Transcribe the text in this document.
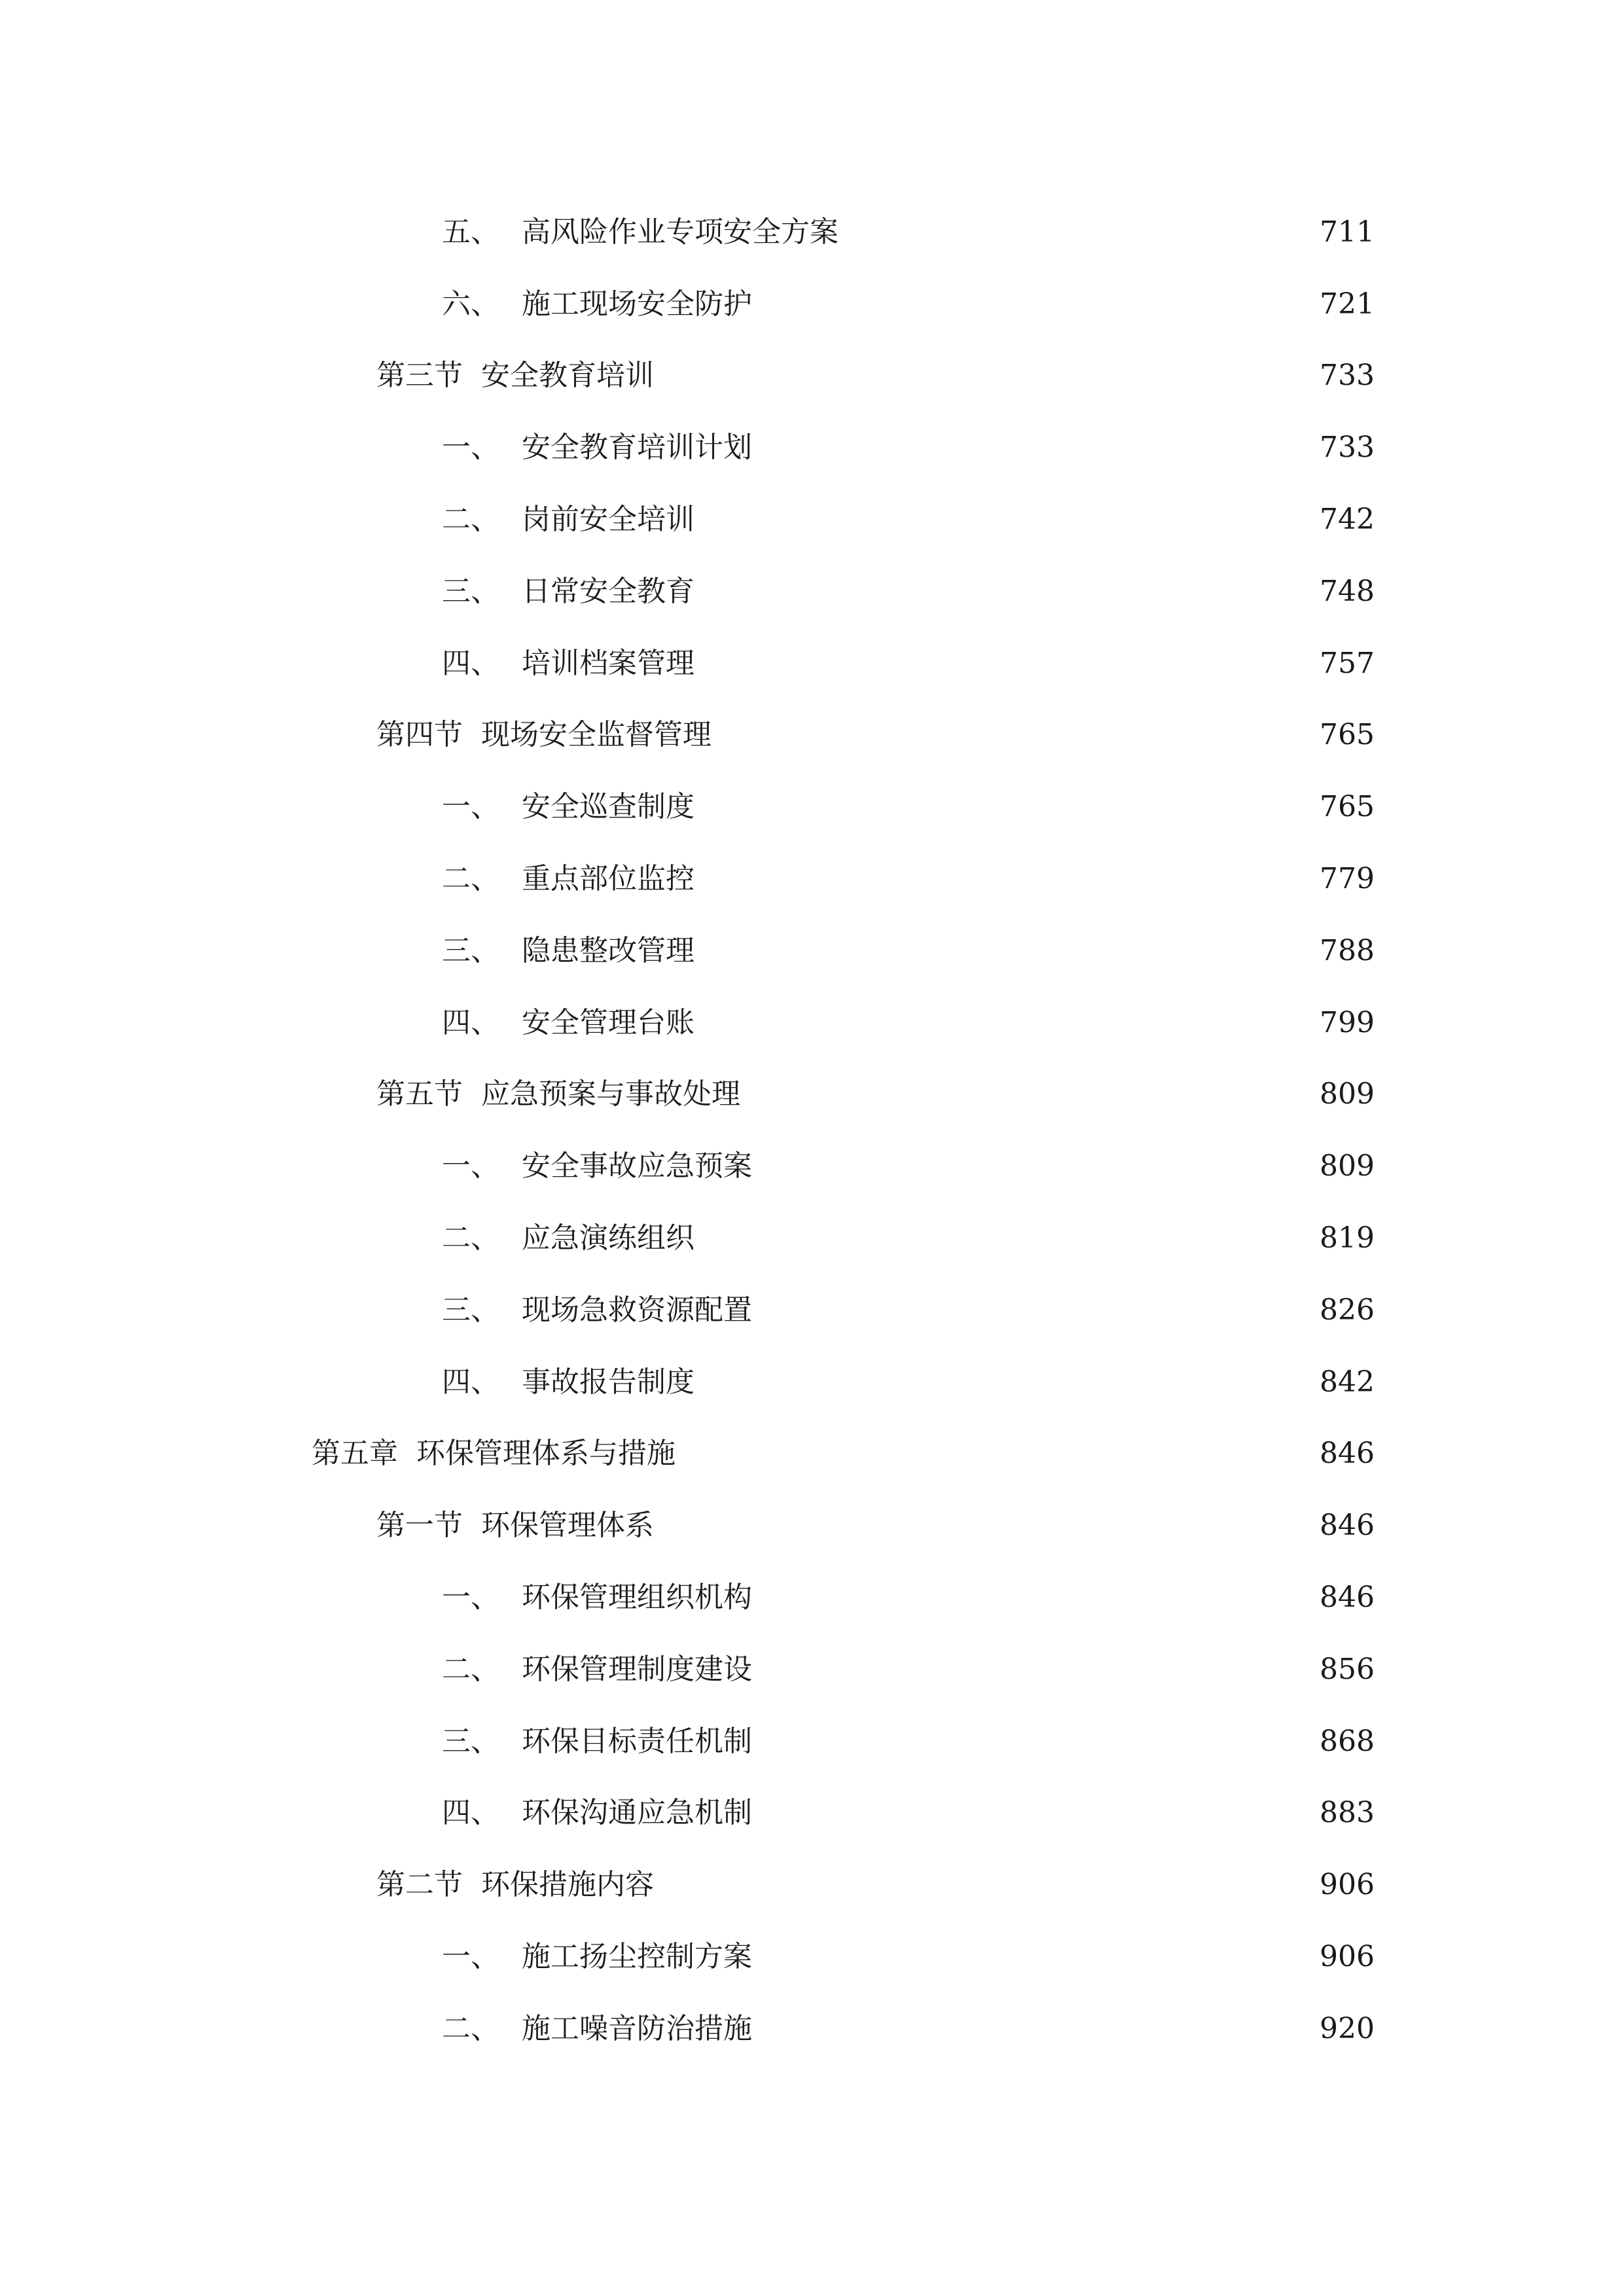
五、 高风险作业专项安全方案	711
六、 施工现场安全防护	721
第三节 安全教育培训	733
一、 安全教育培训计划	733
二、 岗前安全培训	742
三、 日常安全教育	748
四、 培训档案管理	757
第四节 现场安全监督管理	765
一、 安全巡查制度	765
二、 重点部位监控	779
三、 隐患整改管理	788
四、 安全管理台账	799
第五节 应急预案与事故处理	809
一、 安全事故应急预案	809
二、 应急演练组织	819
三、 现场急救资源配置	826
四、 事故报告制度	842
第五章 环保管理体系与措施	846
第一节 环保管理体系	846
一、 环保管理组织机构	846
二、 环保管理制度建设	856
三、 环保目标责任机制	868
四、 环保沟通应急机制	883
第二节 环保措施内容	906
一、 施工扬尘控制方案	906
二、 施工噪音防治措施	920
